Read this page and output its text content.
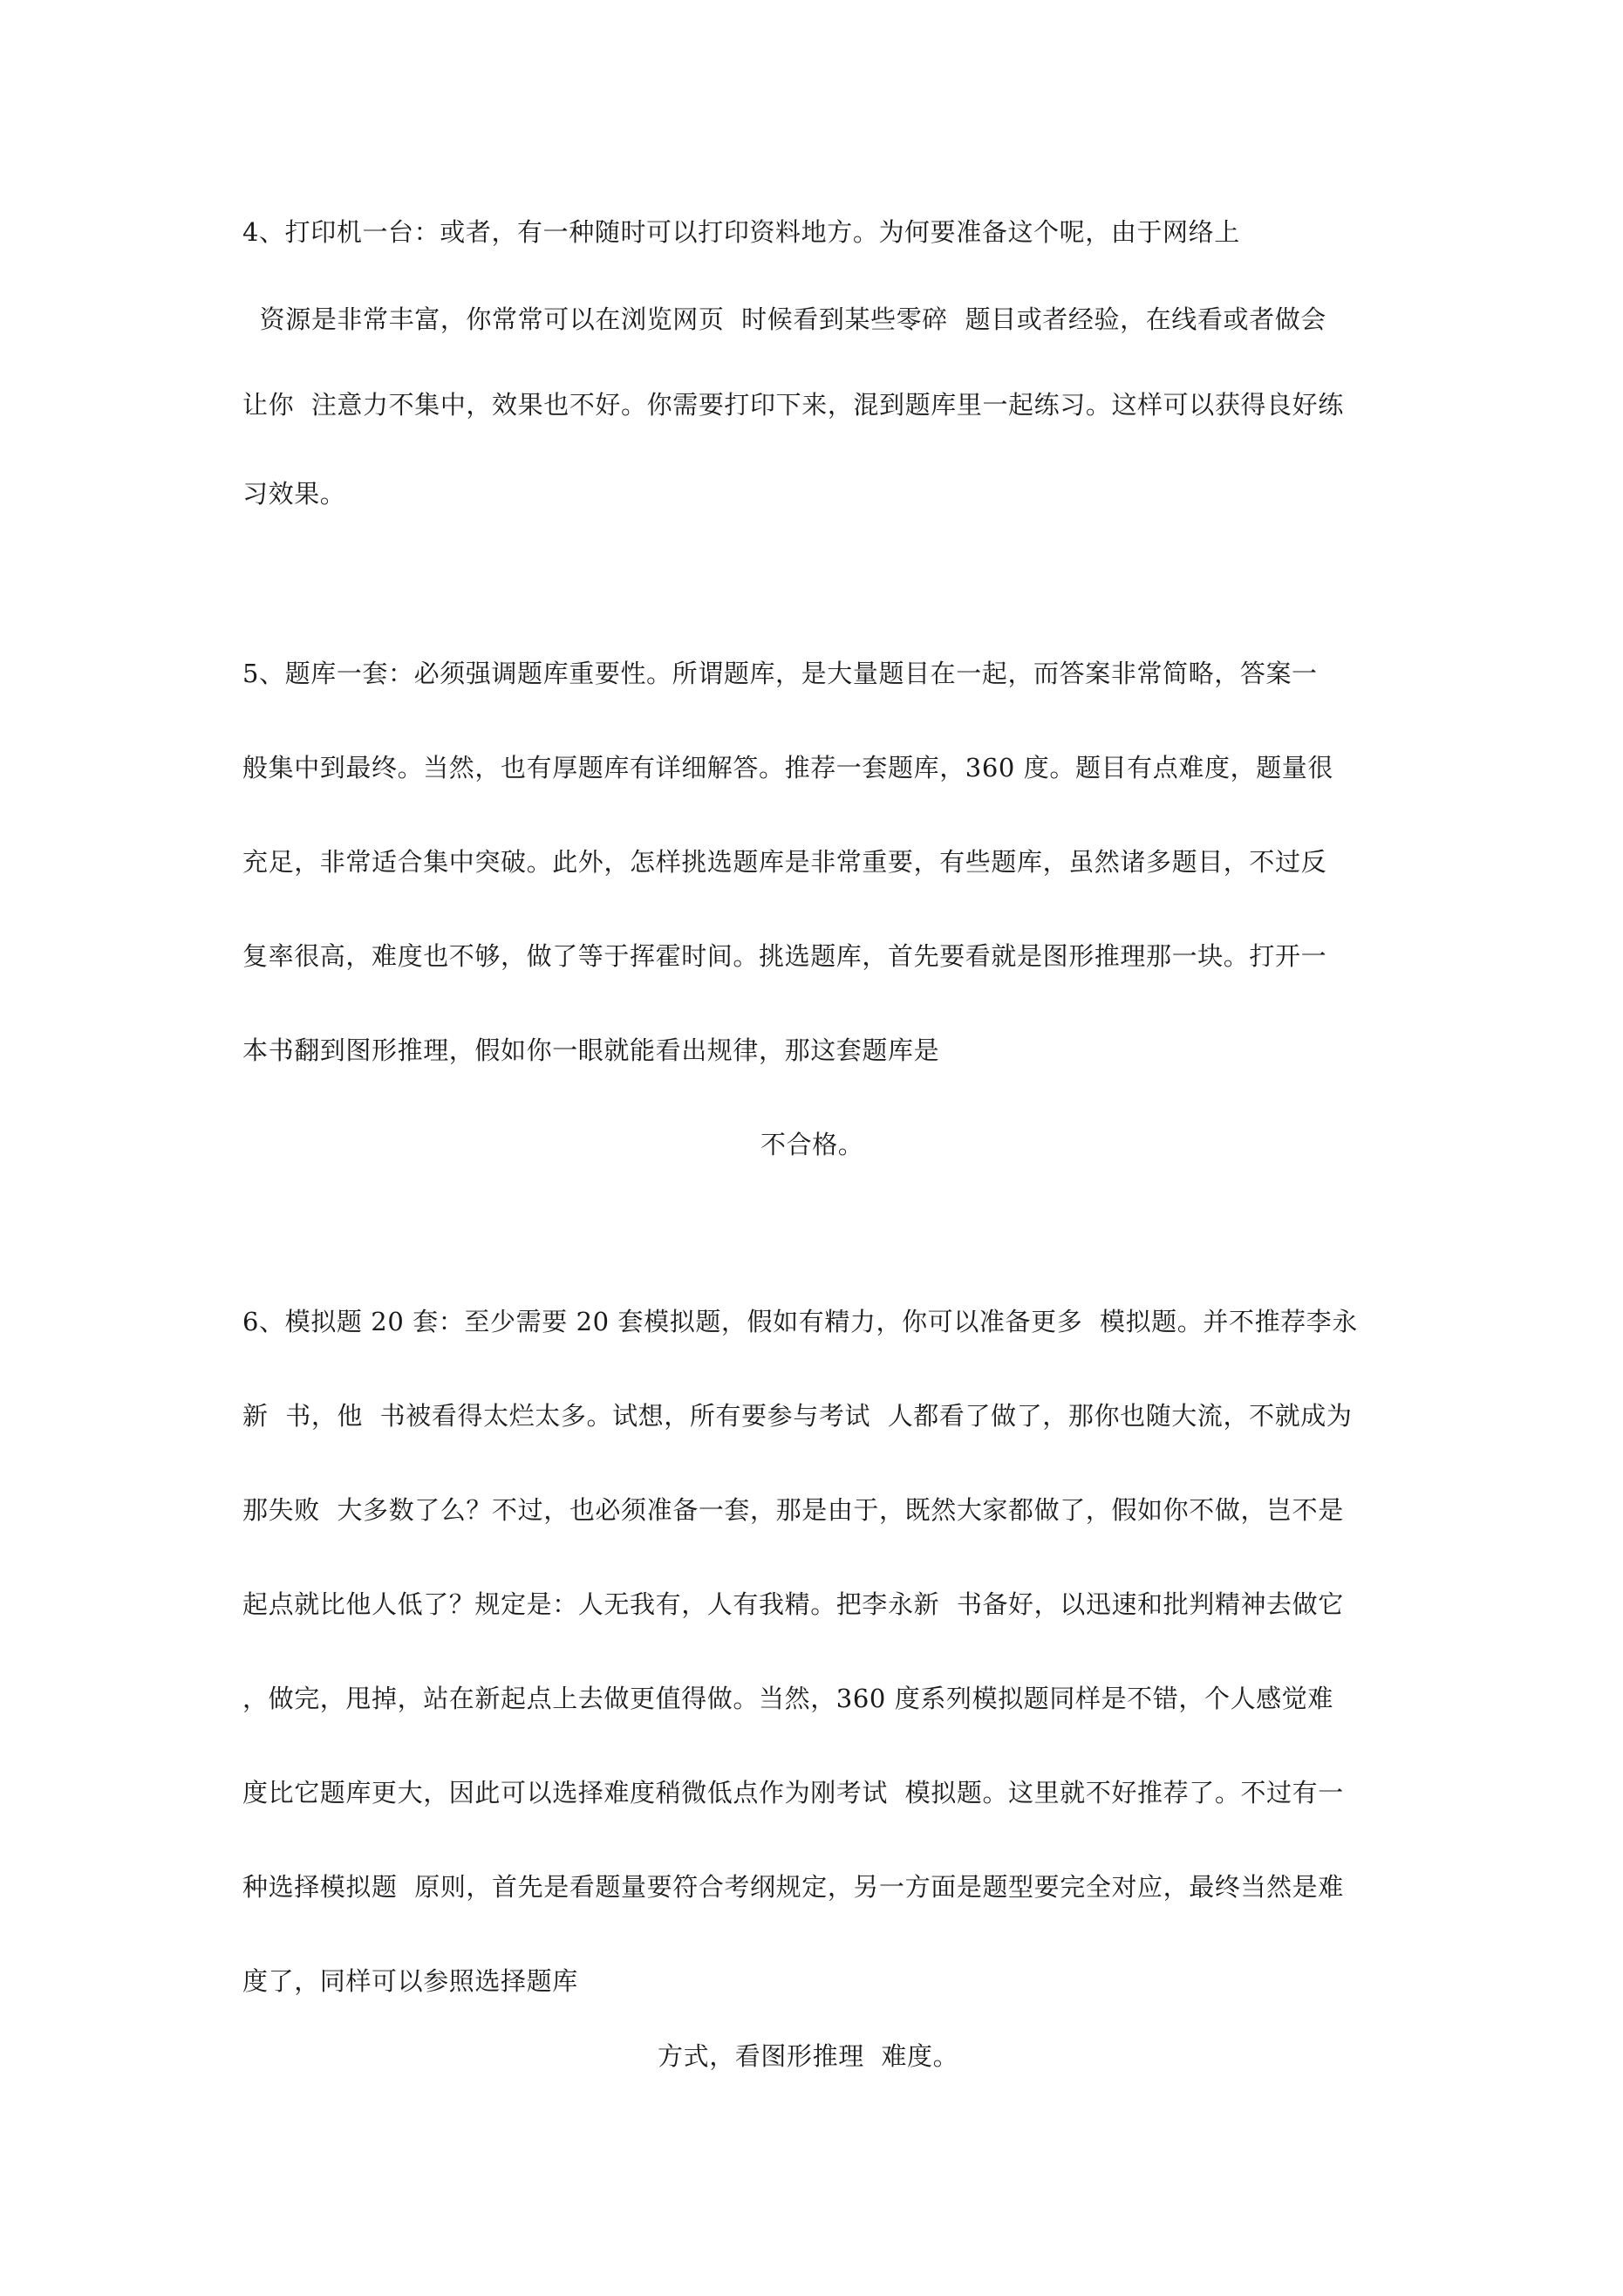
4、打印机一台：或者，有一种随时可以打印资料地方。为何要准备这个呢，由于网络上
资源是非常丰富，你常常可以在浏览网页  时候看到某些零碎  题目或者经验，在线看或者做会
让你  注意力不集中，效果也不好。你需要打印下来，混到题库里一起练习。这样可以获得良好练
习效果。
5、题库一套：必须强调题库重要性。所谓题库，是大量题目在一起，而答案非常简略，答案一
般集中到最终。当然，也有厚题库有详细解答。推荐一套题库，360 度。题目有点难度，题量很
充足，非常适合集中突破。此外，怎样挑选题库是非常重要，有些题库，虽然诸多题目，不过反
复率很高，难度也不够，做了等于挥霍时间。挑选题库，首先要看就是图形推理那一块。打开一
本书翻到图形推理，假如你一眼就能看出规律，那这套题库是
不合格。
6、模拟题 20 套：至少需要 20 套模拟题，假如有精力，你可以准备更多  模拟题。并不推荐李永
新  书，他  书被看得太烂太多。试想，所有要参与考试  人都看了做了，那你也随大流，不就成为
那失败  大多数了么？不过，也必须准备一套，那是由于，既然大家都做了，假如你不做，岂不是
起点就比他人低了？规定是：人无我有，人有我精。把李永新  书备好，以迅速和批判精神去做它
，做完，甩掉，站在新起点上去做更值得做。当然，360 度系列模拟题同样是不错，个人感觉难
度比它题库更大，因此可以选择难度稍微低点作为刚考试  模拟题。这里就不好推荐了。不过有一
种选择模拟题  原则，首先是看题量要符合考纲规定，另一方面是题型要完全对应，最终当然是难
度了，同样可以参照选择题库
方式，看图形推理  难度。
